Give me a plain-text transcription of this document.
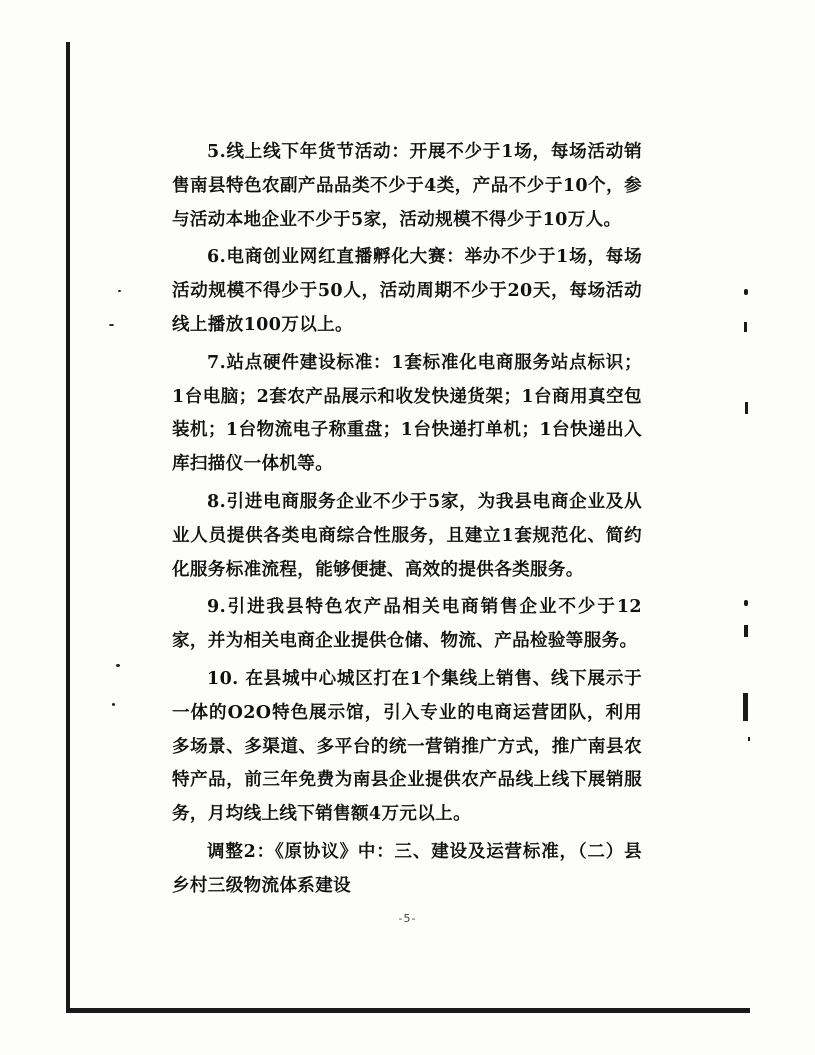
5.线上线下年货节活动：开展不少于1场，每场活动销售南县特色农副产品品类不少于4类，产品不少于10个，参与活动本地企业不少于5家，活动规模不得少于10万人。

6.电商创业网红直播孵化大赛：举办不少于1场，每场活动规模不得少于50人，活动周期不少于20天，每场活动线上播放100万以上。

7.站点硬件建设标准：1套标准化电商服务站点标识；1台电脑；2套农产品展示和收发快递货架；1台商用真空包装机；1台物流电子称重盘；1台快递打单机；1台快递出入库扫描仪一体机等。

8.引进电商服务企业不少于5家，为我县电商企业及从业人员提供各类电商综合性服务，且建立1套规范化、简约化服务标准流程，能够便捷、高效的提供各类服务。

9.引进我县特色农产品相关电商销售企业不少于12家，并为相关电商企业提供仓储、物流、产品检验等服务。

10. 在县城中心城区打在1个集线上销售、线下展示于一体的O2O特色展示馆，引入专业的电商运营团队，利用多场景、多渠道、多平台的统一营销推广方式，推广南县农特产品，前三年免费为南县企业提供农产品线上线下展销服务，月均线上线下销售额4万元以上。

调整2：《原协议》中：三、建设及运营标准，（二）县乡村三级物流体系建设

-5-
